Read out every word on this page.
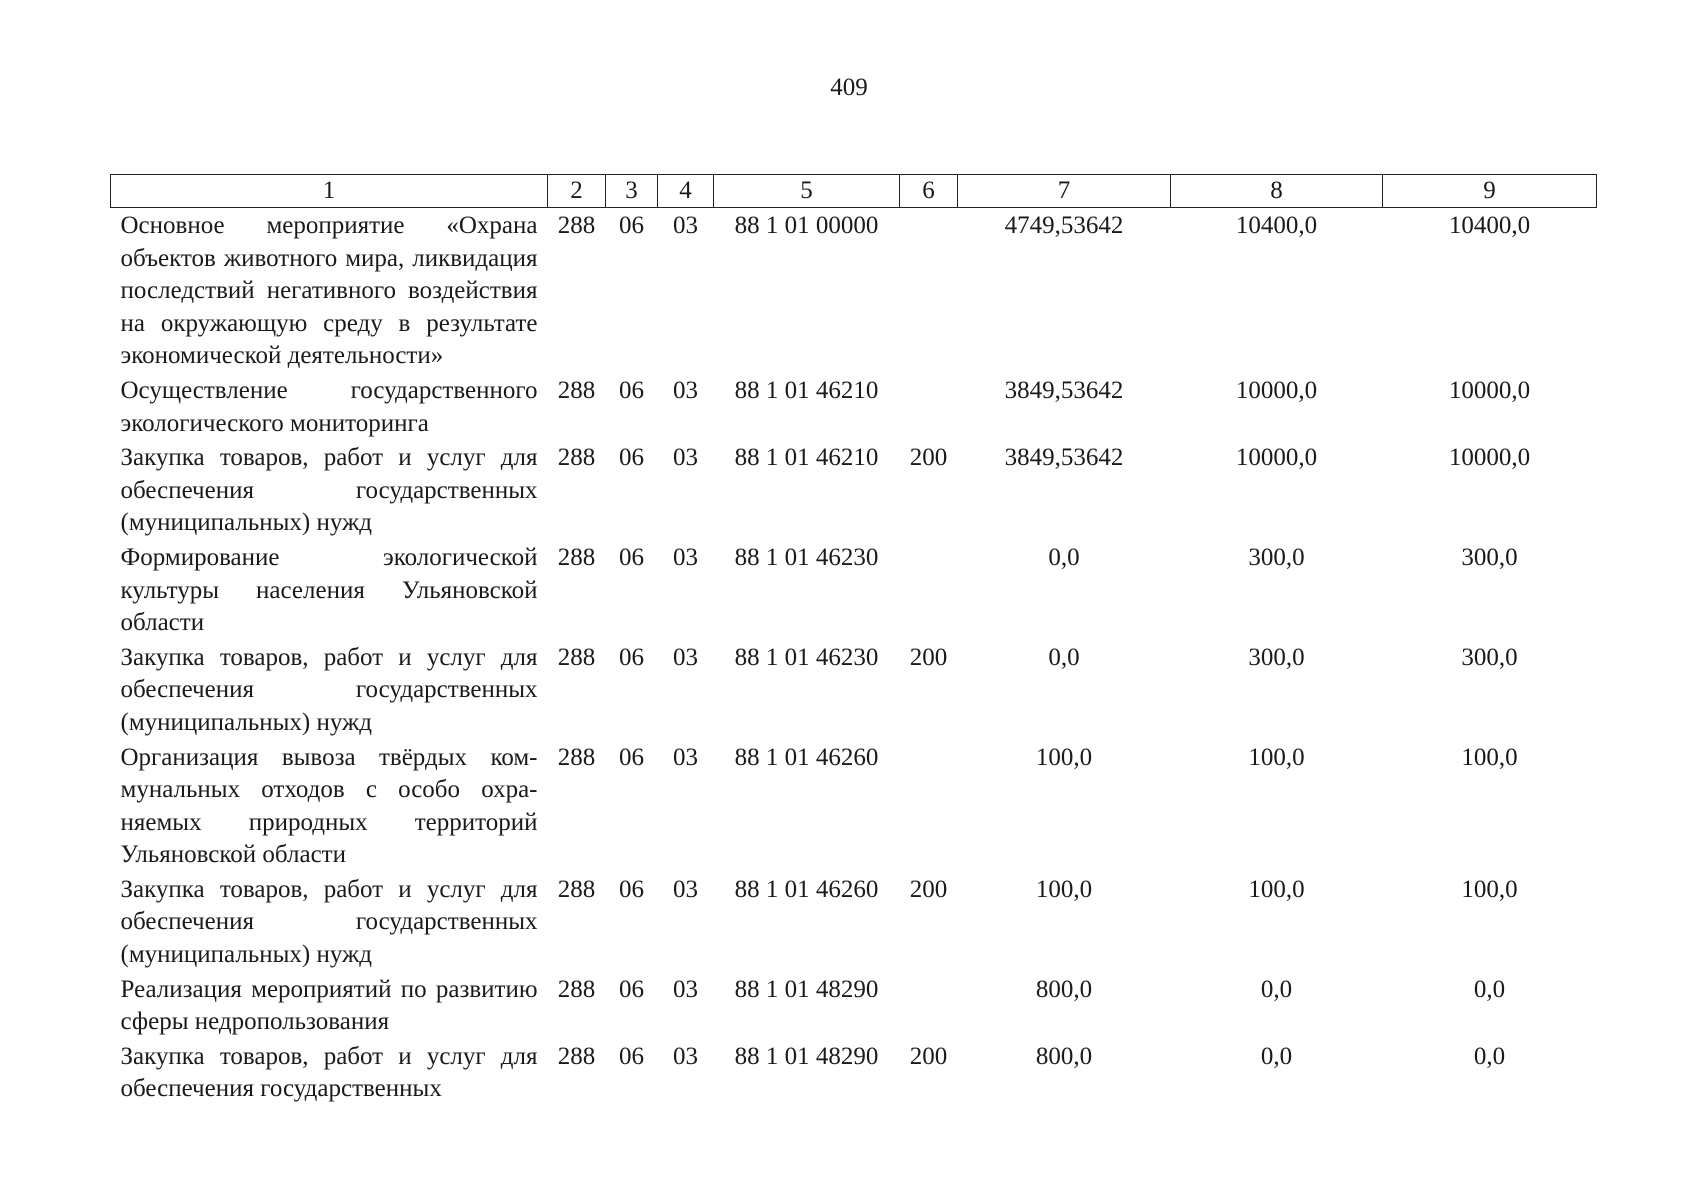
409
1	2	3	4	5	6	7	8	9
Основное мероприятие «Охрана объектов животного мира, ликвидация последствий негативного воздействия на окружающую среду в результате экономической деятельности»	288	06	03	88 1 01 00000		4749,53642	10400,0	10400,0
Осуществление государственного экологического мониторинга	288	06	03	88 1 01 46210		3849,53642	10000,0	10000,0
Закупка товаров, работ и услуг для обеспечения государственных (муниципальных) нужд	288	06	03	88 1 01 46210	200	3849,53642	10000,0	10000,0
Формирование экологической культуры населения Ульяновской области	288	06	03	88 1 01 46230		0,0	300,0	300,0
Закупка товаров, работ и услуг для обеспечения государственных (муниципальных) нужд	288	06	03	88 1 01 46230	200	0,0	300,0	300,0
Организация вывоза твёрдых коммунальных отходов с особо охраняемых природных территорий Ульяновской области	288	06	03	88 1 01 46260		100,0	100,0	100,0
Закупка товаров, работ и услуг для обеспечения государственных (муниципальных) нужд	288	06	03	88 1 01 46260	200	100,0	100,0	100,0
Реализация мероприятий по развитию сферы недропользования	288	06	03	88 1 01 48290		800,0	0,0	0,0
Закупка товаров, работ и услуг для обеспечения государственных	288	06	03	88 1 01 48290	200	800,0	0,0	0,0
